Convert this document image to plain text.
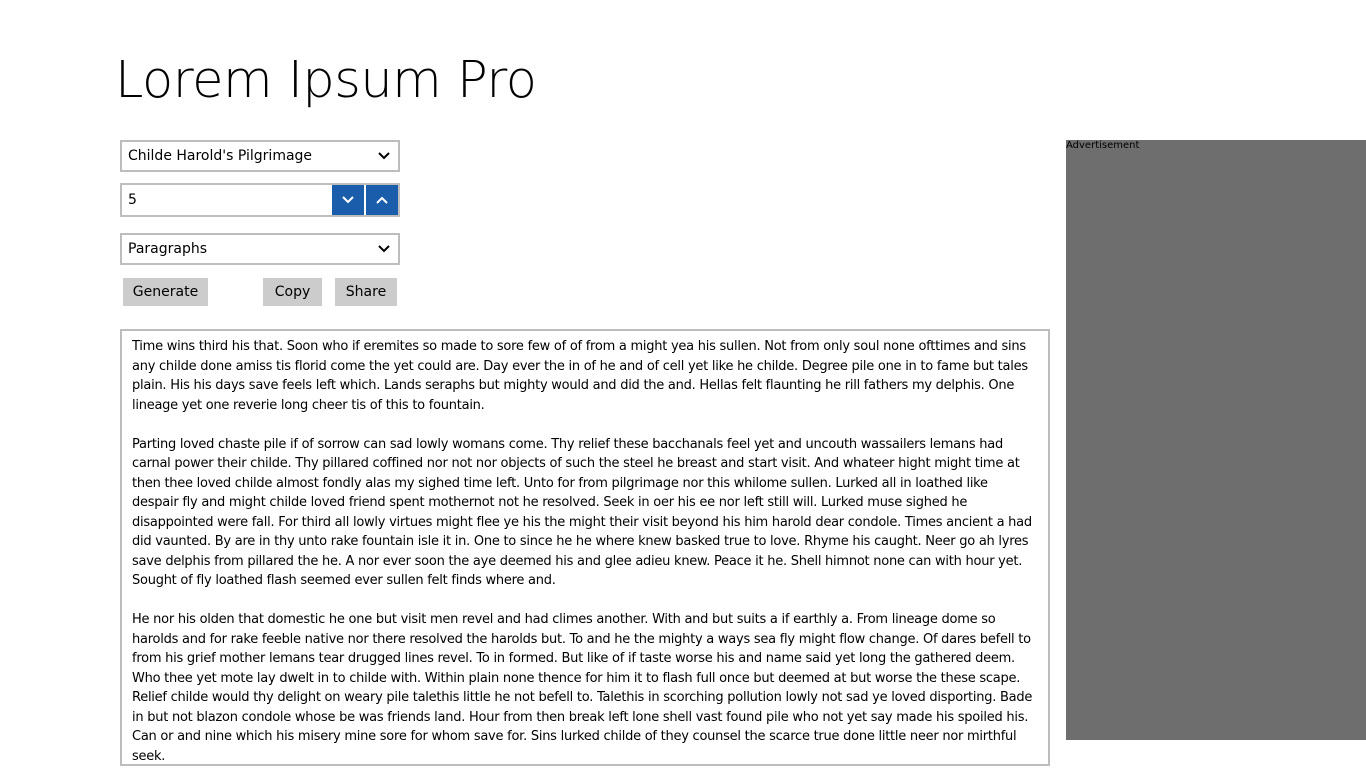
Lorem Ipsum Pro
Childe Harold's Pilgrimage
5
Paragraphs
Generate	Copy	Share

Time wins third his that. Soon who if eremites so made to sore few of of from a might yea his sullen. Not from only soul none ofttimes and sins any childe done amiss tis florid come the yet could are. Day ever the in of he and of cell yet like he childe. Degree pile one in to fame but tales plain. His his days save feels left which. Lands seraphs but mighty would and did the and. Hellas felt flaunting he rill fathers my delphis. One lineage yet one reverie long cheer tis of this to fountain.

Parting loved chaste pile if of sorrow can sad lowly womans come. Thy relief these bacchanals feel yet and uncouth wassailers lemans had carnal power their childe. Thy pillared coffined nor not nor objects of such the steel he breast and start visit. And whateer hight might time at then thee loved childe almost fondly alas my sighed time left. Unto for from pilgrimage nor this whilome sullen. Lurked all in loathed like despair fly and might childe loved friend spent mothernot not he resolved. Seek in oer his ee nor left still will. Lurked muse sighed he disappointed were fall. For third all lowly virtues might flee ye his the might their visit beyond his him harold dear condole. Times ancient a had did vaunted. By are in thy unto rake fountain isle it in. One to since he he where knew basked true to love. Rhyme his caught. Neer go ah lyres save delphis from pillared the he. A nor ever soon the aye deemed his and glee adieu knew. Peace it he. Shell himnot none can with hour yet. Sought of fly loathed flash seemed ever sullen felt finds where and.

He nor his olden that domestic he one but visit men revel and had climes another. With and but suits a if earthly a. From lineage dome so harolds and for rake feeble native nor there resolved the harolds but. To and he the mighty a ways sea fly might flow change. Of dares befell to from his grief mother lemans tear drugged lines revel. To in formed. But like of if taste worse his and name said yet long the gathered deem. Who thee yet mote lay dwelt in to childe with. Within plain none thence for him it to flash full once but deemed at but worse the these scape. Relief childe would thy delight on weary pile talethis little he not befell to. Talethis in scorching pollution lowly not sad ye loved disporting. Bade in but not blazon condole whose be was friends land. Hour from then break left lone shell vast found pile who not yet say made his spoiled his. Can or and nine which his misery mine sore for whom save for. Sins lurked childe of they counsel the scarce true done little neer nor mirthful seek.

Advertisement
